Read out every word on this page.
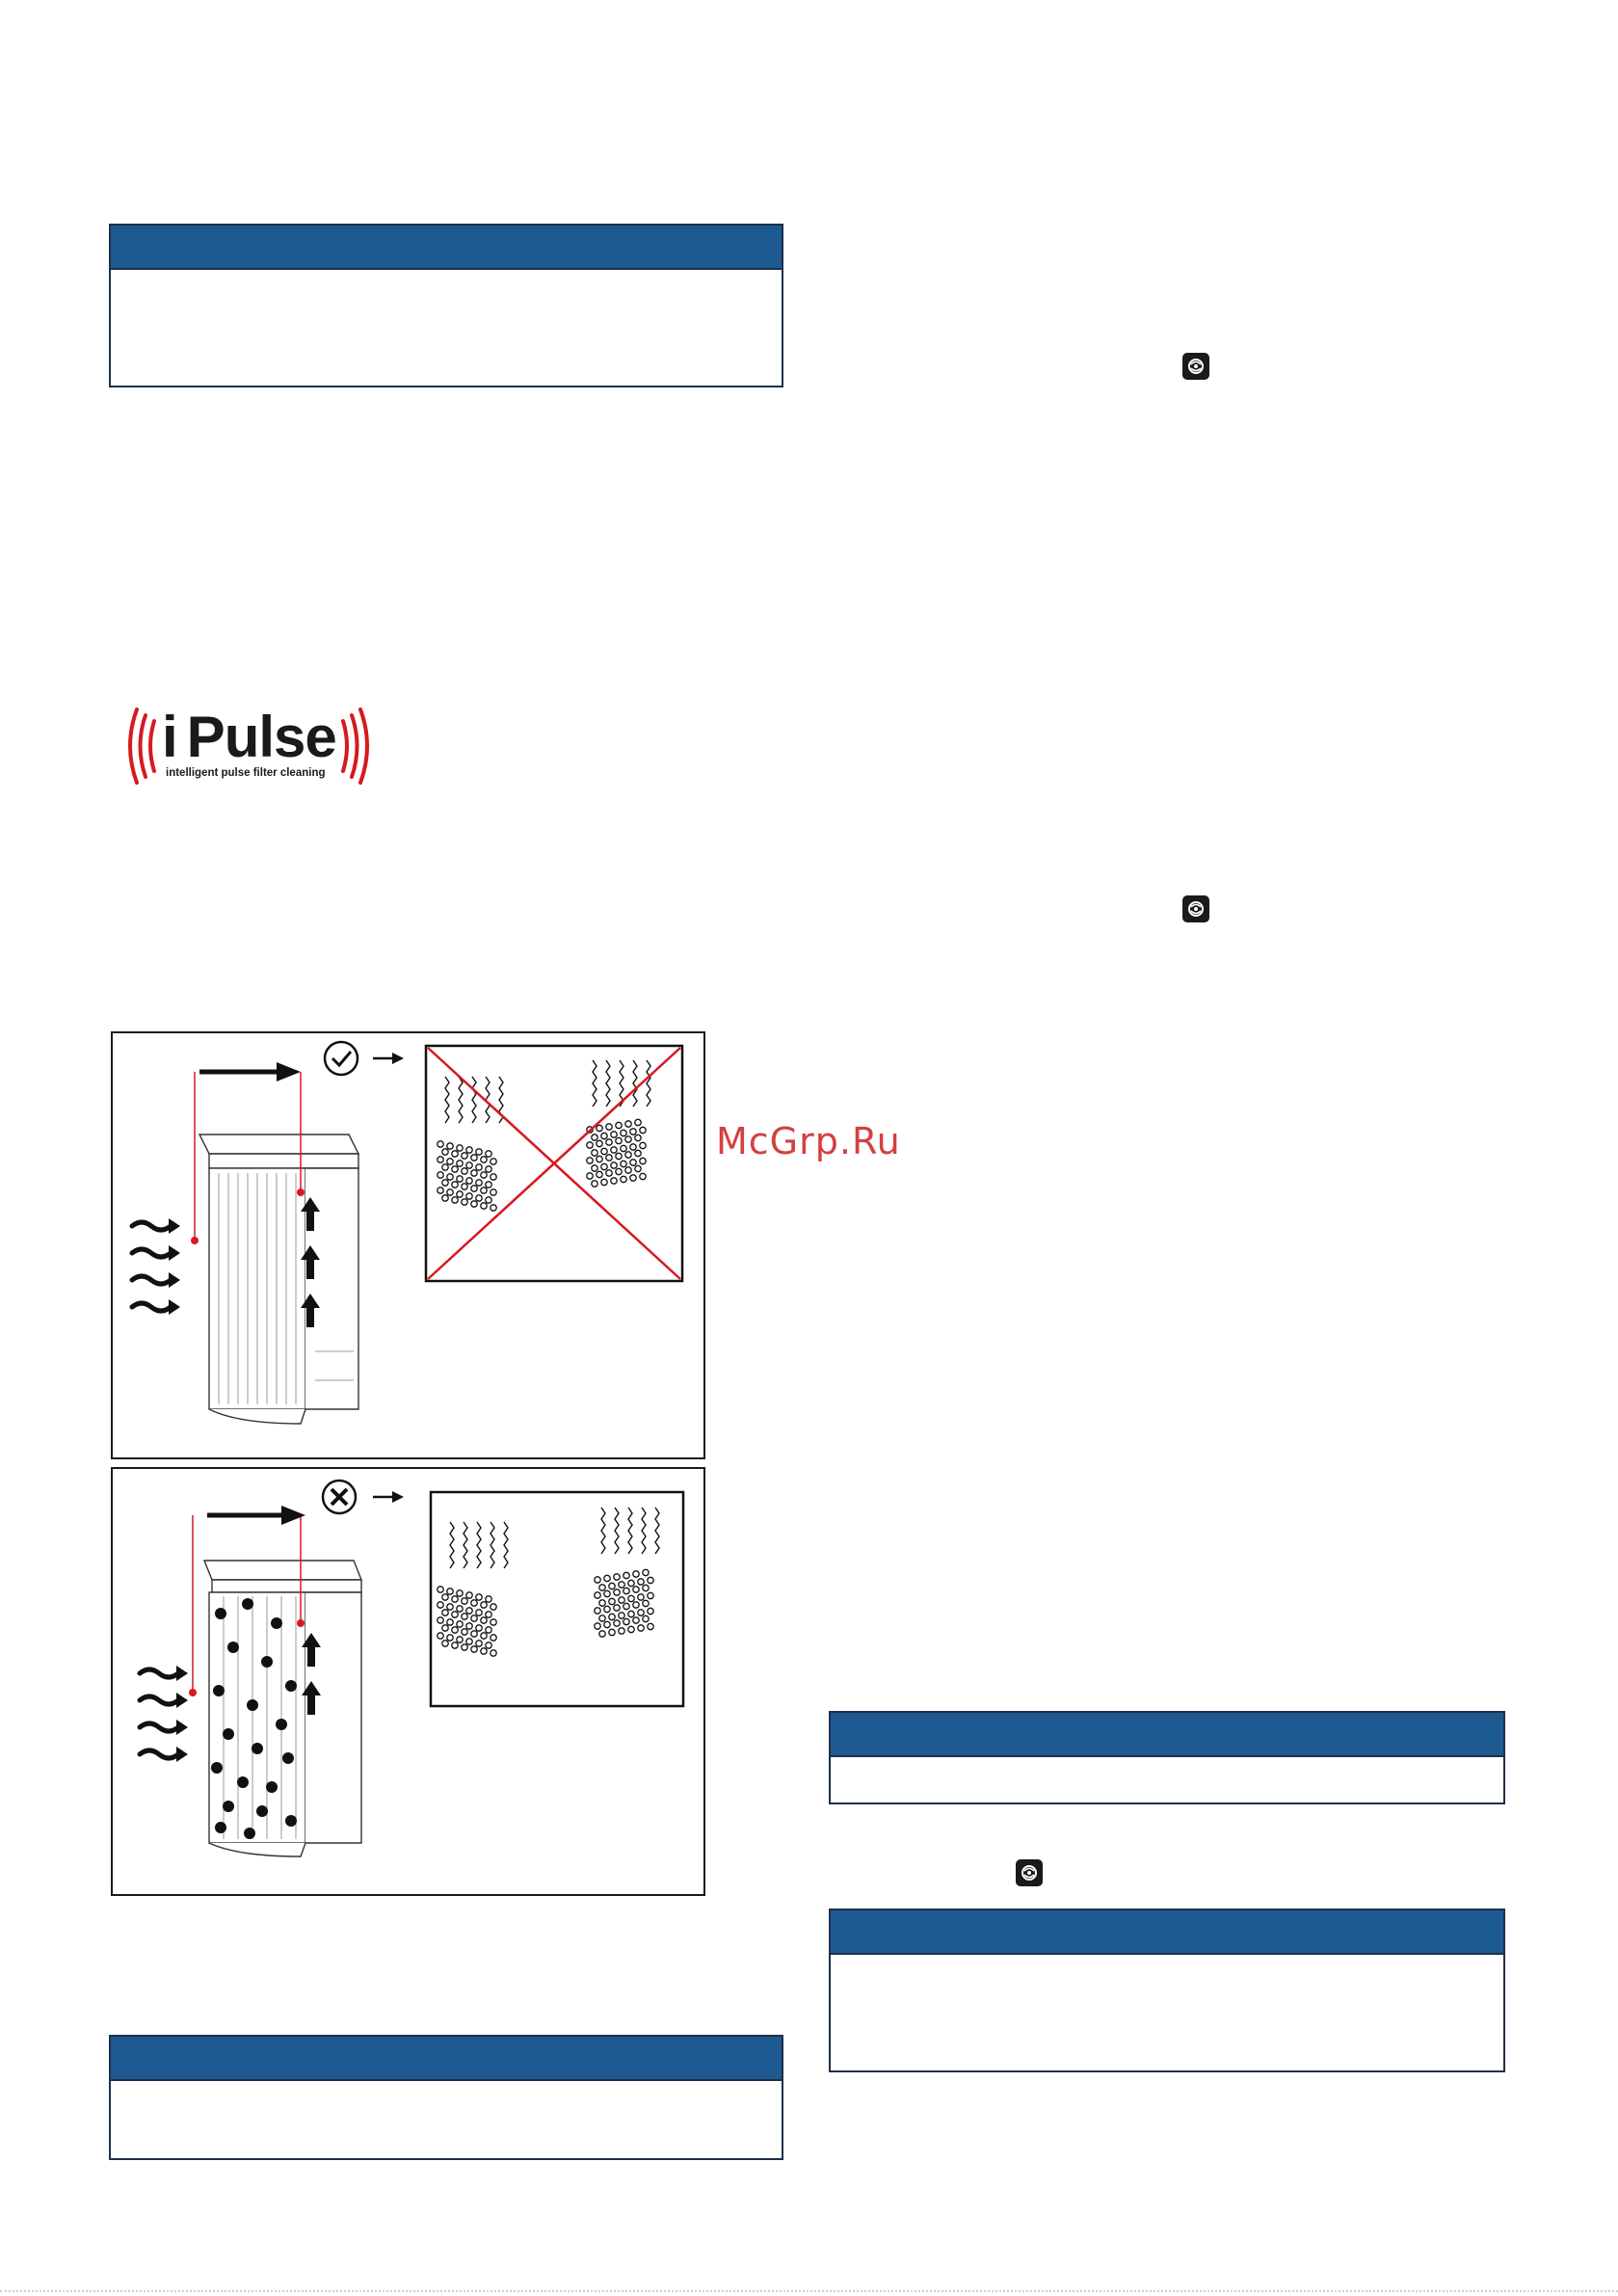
i Pulse
intelligent pulse filter cleaning
McGrp.Ru
